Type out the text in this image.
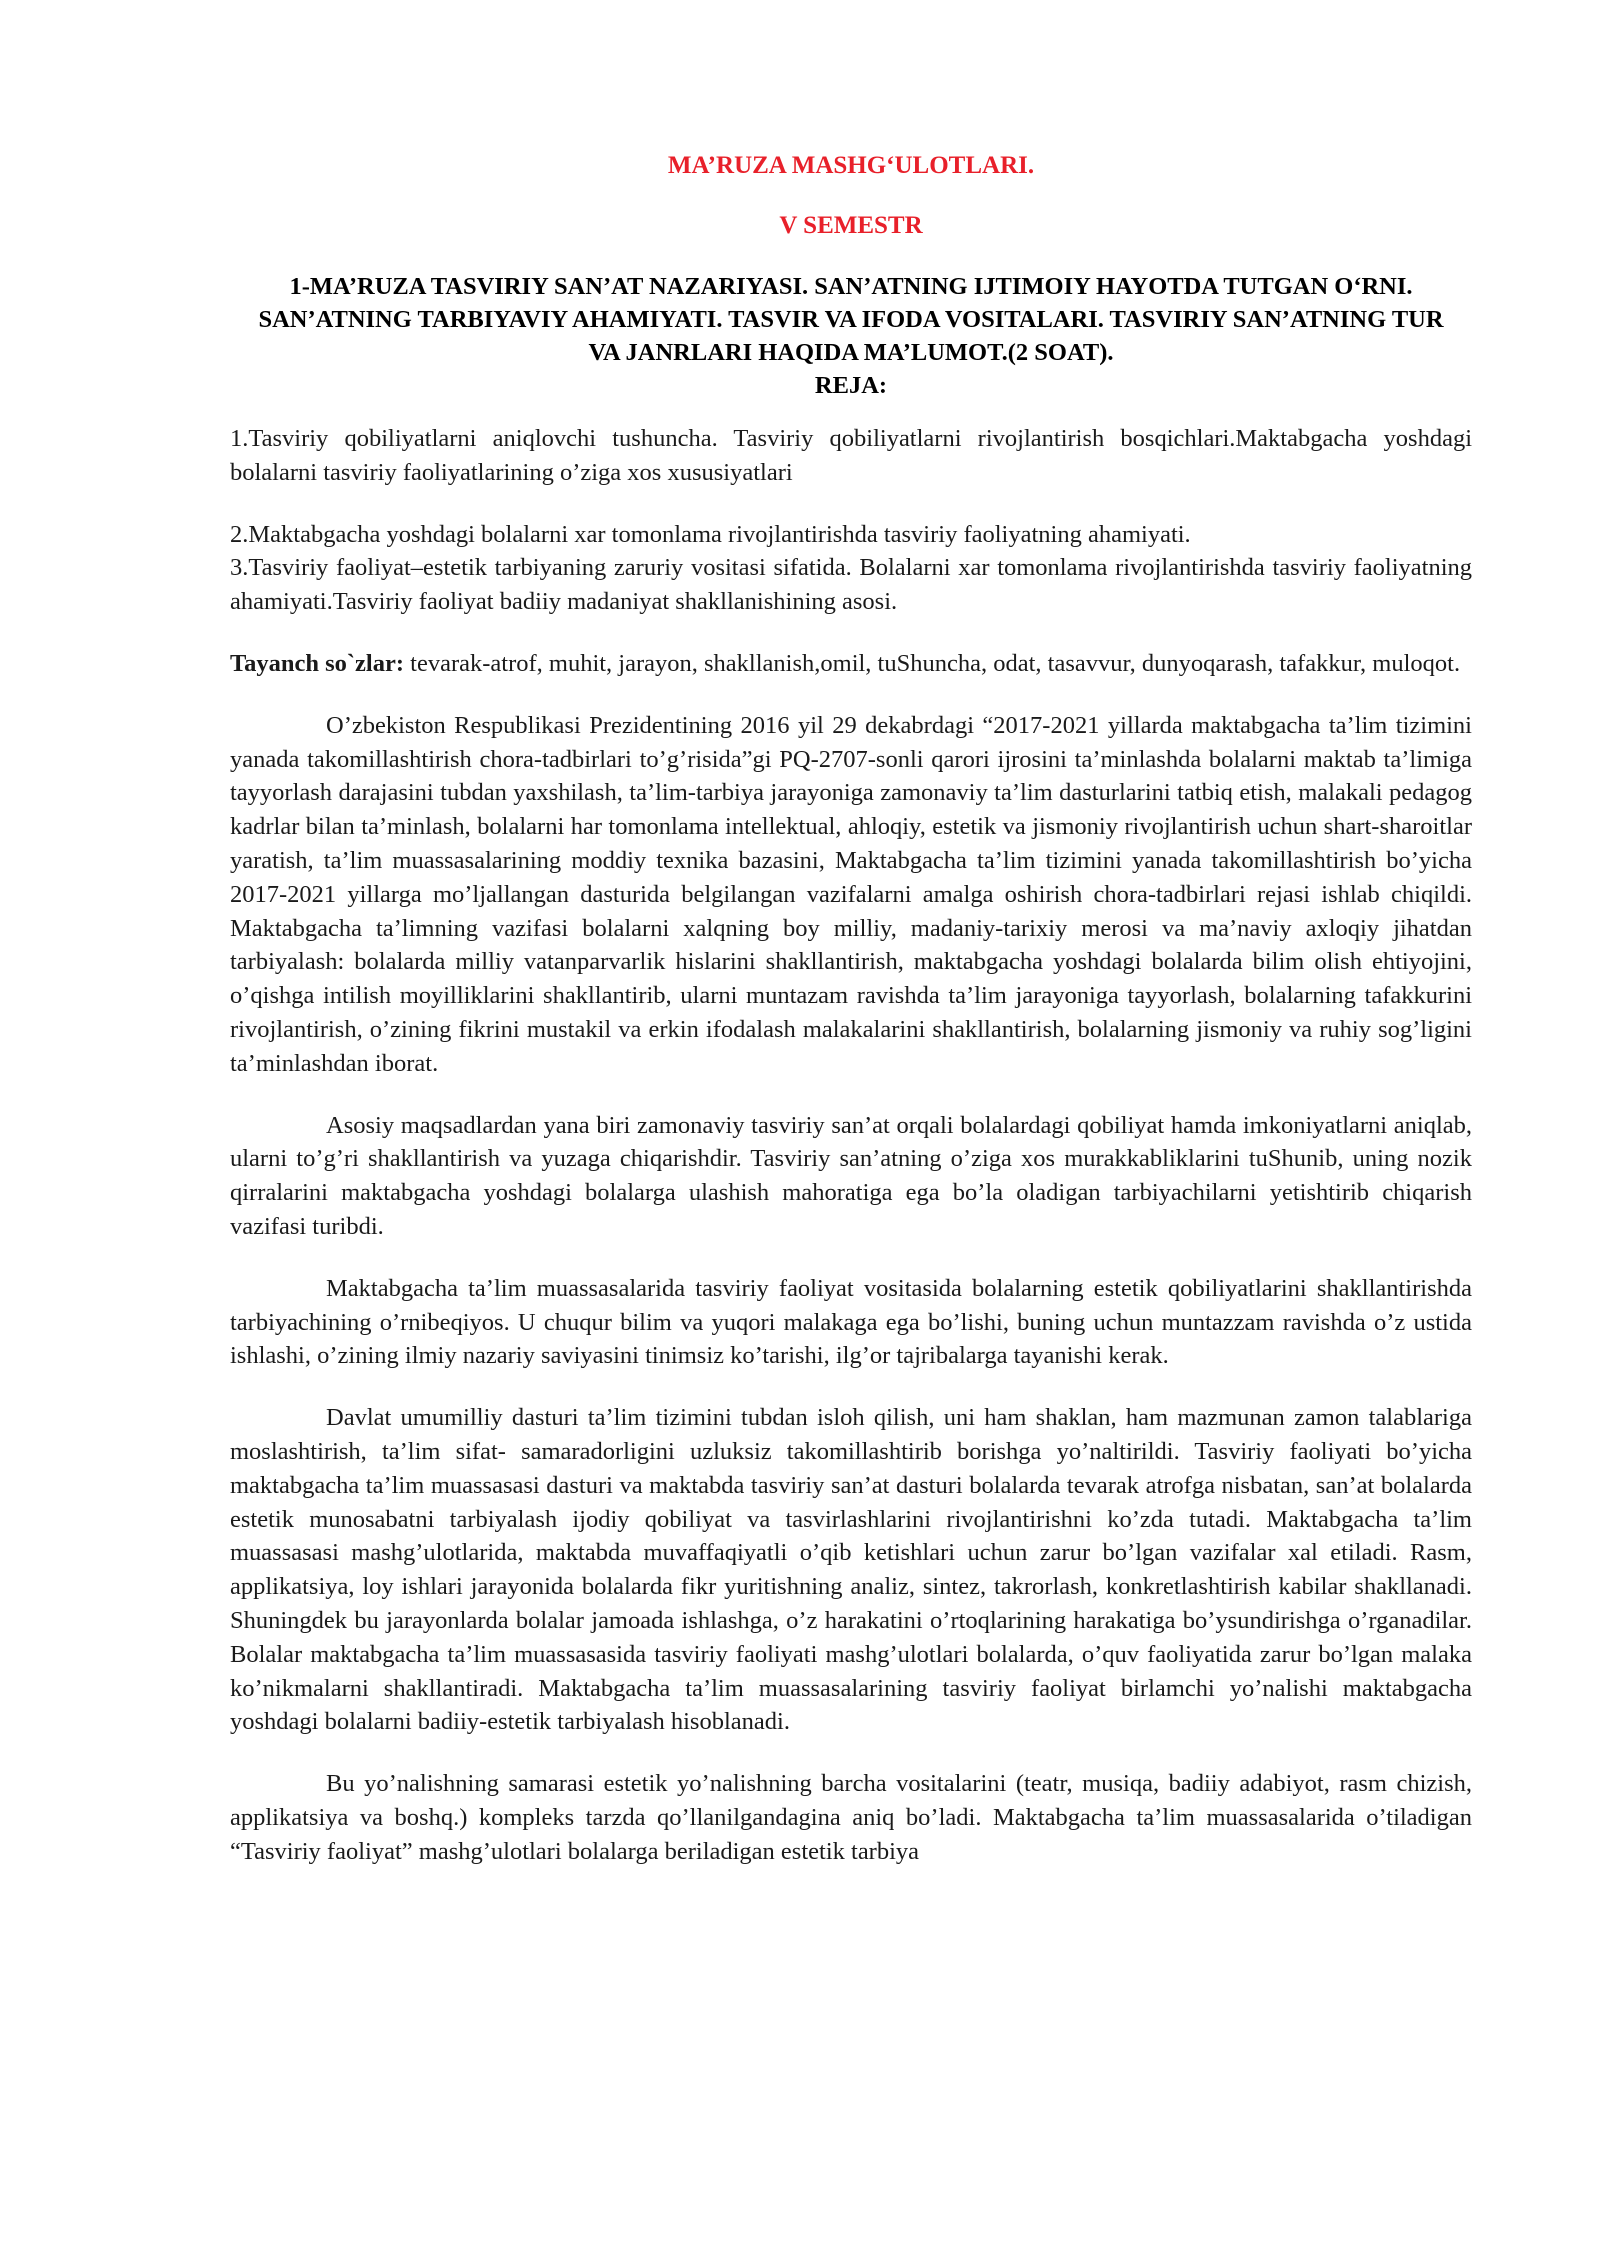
MA’RUZA MASHG‘ULOTLARI.

V SEMESTR

1-MA’RUZA TASVIRIY SAN’AT NAZARIYASI. SAN’ATNING IJTIMOIY HAYOTDA TUTGAN O‘RNI. SAN’ATNING TARBIYAVIY AHAMIYATI. TASVIR VA IFODA VOSITALARI. TASVIRIY SAN’ATNING TUR VA JANRLARI HAQIDA MA’LUMOT.(2 SOAT).

REJA:

1.Tasviriy qobiliyatlarni aniqlovchi tushuncha. Tasviriy qobiliyatlarni rivojlantirish bosqichlari.Maktabgacha yoshdagi bolalarni tasviriy faoliyatlarining o’ziga xos xususiyatlari

2.Maktabgacha yoshdagi bolalarni xar tomonlama rivojlantirishda tasviriy faoliyatning ahamiyati.

3.Tasviriy faoliyat–estetik tarbiyaning zaruriy vositasi sifatida. Bolalarni xar tomonlama rivojlantirishda tasviriy faoliyatning ahamiyati.Tasviriy faoliyat badiiy madaniyat shakllanishining asosi.

Tayanch so`zlar: tevarak-atrof, muhit, jarayon, shakllanish,omil, tuShuncha, odat, tasavvur, dunyoqarash, tafakkur, muloqot.

O’zbekiston Respublikasi Prezidentining 2016 yil 29 dekabrdagi “2017-2021 yillarda maktabgacha ta’lim tizimini yanada takomillashtirish chora-tadbirlari to’g’risida”gi PQ-2707-sonli qarori ijrosini ta’minlashda bolalarni maktab ta’limiga tayyorlash darajasini tubdan yaxshilash, ta’lim-tarbiya jarayoniga zamonaviy ta’lim dasturlarini tatbiq etish, malakali pedagog kadrlar bilan ta’minlash, bolalarni har tomonlama intellektual, ahloqiy, estetik va jismoniy rivojlantirish uchun shart-sharoitlar yaratish, ta’lim muassasalarining moddiy texnika bazasini, Maktabgacha ta’lim tizimini yanada takomillashtirish bo’yicha 2017-2021 yillarga mo’ljallangan dasturida belgilangan vazifalarni amalga oshirish chora-tadbirlari rejasi ishlab chiqildi. Maktabgacha ta’limning vazifasi bolalarni xalqning boy milliy, madaniy-tarixiy merosi va ma’naviy axloqiy jihatdan tarbiyalash: bolalarda milliy vatanparvarlik hislarini shakllantirish, maktabgacha yoshdagi bolalarda bilim olish ehtiyojini, o’qishga intilish moyilliklarini shakllantirib, ularni muntazam ravishda ta’lim jarayoniga tayyorlash, bolalarning tafakkurini rivojlantirish, o’zining fikrini mustakil va erkin ifodalash malakalarini shakllantirish, bolalarning jismoniy va ruhiy sog’ligini ta’minlashdan iborat.

Asosiy maqsadlardan yana biri zamonaviy tasviriy san’at orqali bolalardagi qobiliyat hamda imkoniyatlarni aniqlab, ularni to’g’ri shakllantirish va yuzaga chiqarishdir. Tasviriy san’atning o’ziga xos murakkabliklarini tuShunib, uning nozik qirralarini maktabgacha yoshdagi bolalarga ulashish mahoratiga ega bo’la oladigan tarbiyachilarni yetishtirib chiqarish vazifasi turibdi.

Maktabgacha ta’lim muassasalarida tasviriy faoliyat vositasida bolalarning estetik qobiliyatlarini shakllantirishda tarbiyachining o’rnibeqiyos. U chuqur bilim va yuqori malakaga ega bo’lishi, buning uchun muntazzam ravishda o’z ustida ishlashi, o’zining ilmiy nazariy saviyasini tinimsiz ko’tarishi, ilg’or tajribalarga tayanishi kerak.

Davlat umumilliy dasturi ta’lim tizimini tubdan isloh qilish, uni ham shaklan, ham mazmunan zamon talablariga moslashtirish, ta’lim sifat- samaradorligini uzluksiz takomillashtirib borishga yo’naltirildi. Tasviriy faoliyati bo’yicha maktabgacha ta’lim muassasasi dasturi va maktabda tasviriy san’at dasturi bolalarda tevarak atrofga nisbatan, san’at bolalarda estetik munosabatni tarbiyalash ijodiy qobiliyat va tasvirlashlarini rivojlantirishni ko’zda tutadi. Maktabgacha ta’lim muassasasi mashg’ulotlarida, maktabda muvaffaqiyatli o’qib ketishlari uchun zarur bo’lgan vazifalar xal etiladi. Rasm, applikatsiya, loy ishlari jarayonida bolalarda fikr yuritishning analiz, sintez, takrorlash, konkretlashtirish kabilar shakllanadi. Shuningdek bu jarayonlarda bolalar jamoada ishlashga, o’z harakatini o’rtoqlarining harakatiga bo’ysundirishga o’rganadilar. Bolalar maktabgacha ta’lim muassasasida tasviriy faoliyati mashg’ulotlari bolalarda, o’quv faoliyatida zarur bo’lgan malaka ko’nikmalarni shakllantiradi. Maktabgacha ta’lim muassasalarining tasviriy faoliyat birlamchi yo’nalishi maktabgacha yoshdagi bolalarni badiiy-estetik tarbiyalash hisoblanadi.

Bu yo’nalishning samarasi estetik yo’nalishning barcha vositalarini (teatr, musiqa, badiiy adabiyot, rasm chizish, applikatsiya va boshq.) kompleks tarzda qo’llanilgandagina aniq bo’ladi. Maktabgacha ta’lim muassasalarida o’tiladigan “Tasviriy faoliyat” mashg’ulotlari bolalarga beriladigan estetik tarbiya
